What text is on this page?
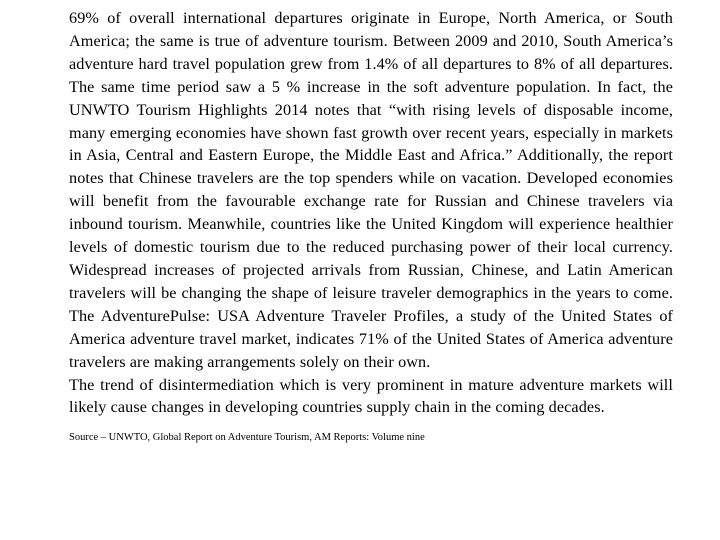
69% of overall international departures originate in Europe, North America, or South America; the same is true of adventure tourism. Between 2009 and 2010, South America’s adventure hard travel population grew from 1.4% of all departures to 8% of all departures. The same time period saw a 5 % increase in the soft adventure population. In fact, the UNWTO Tourism Highlights 2014 notes that “with rising levels of disposable income, many emerging economies have shown fast growth over recent years, especially in markets in Asia, Central and Eastern Europe, the Middle East and Africa.” Additionally, the report notes that Chinese travelers are the top spenders while on vacation. Developed economies will benefit from the favourable exchange rate for Russian and Chinese travelers via inbound tourism. Meanwhile, countries like the United Kingdom will experience healthier levels of domestic tourism due to the reduced purchasing power of their local currency. Widespread increases of projected arrivals from Russian, Chinese, and Latin American travelers will be changing the shape of leisure traveler demographics in the years to come. The AdventurePulse: USA Adventure Traveler Profiles, a study of the United States of America adventure travel market, indicates 71% of the United States of America adventure travelers are making arrangements solely on their own.

The trend of disintermediation which is very prominent in mature adventure markets will likely cause changes in developing countries supply chain in the coming decades.

Source – UNWTO, Global Report on Adventure Tourism, AM Reports: Volume nine
